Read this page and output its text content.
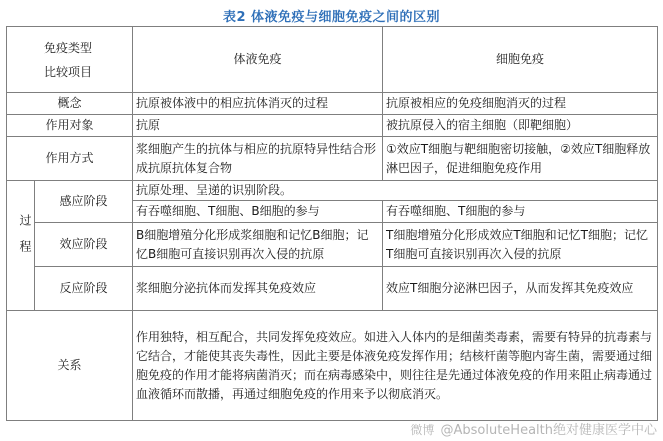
表2 体液免疫与细胞免疫之间的区别
免疫类型
比较项目		体液免疫	细胞免疫
概念		抗原被体液中的相应抗体消灭的过程	抗原被相应的免疫细胞消灭的过程
作用对象		抗原	被抗原侵入的宿主细胞（即靶细胞）
作用方式		浆细胞产生的抗体与相应的抗原特异性结合形成抗原抗体复合物	①效应T细胞与靶细胞密切接触，②效应T细胞释放淋巴因子，促进细胞免疫作用
过程	感应阶段	抗原处理、呈递的识别阶段。	
		有吞噬细胞、T细胞、B细胞的参与	有吞噬细胞、T细胞的参与
	效应阶段	B细胞增殖分化形成浆细胞和记忆B细胞；记忆B细胞可直接识别再次入侵的抗原	T细胞增殖分化形成效应T细胞和记忆T细胞；记忆T细胞可直接识别再次入侵的抗原
	反应阶段	浆细胞分泌抗体而发挥其免疫效应	效应T细胞分泌淋巴因子，从而发挥其免疫效应

关系		作用独特，相互配合，共同发挥免疫效应。如进入人体内的是细菌类毒素，需要有特异的抗毒素与它结合，才能使其丧失毒性，因此主要是体液免疫发挥作用；结核杆菌等胞内寄生菌，需要通过细胞免疫的作用才能将病菌消灭；而在病毒感染中，则往往是先通过体液免疫的作用来阻止病毒通过血液循环而散播，再通过细胞免疫的作用来予以彻底消灭。	
微博 @AbsoluteHealth绝对健康医学中心
